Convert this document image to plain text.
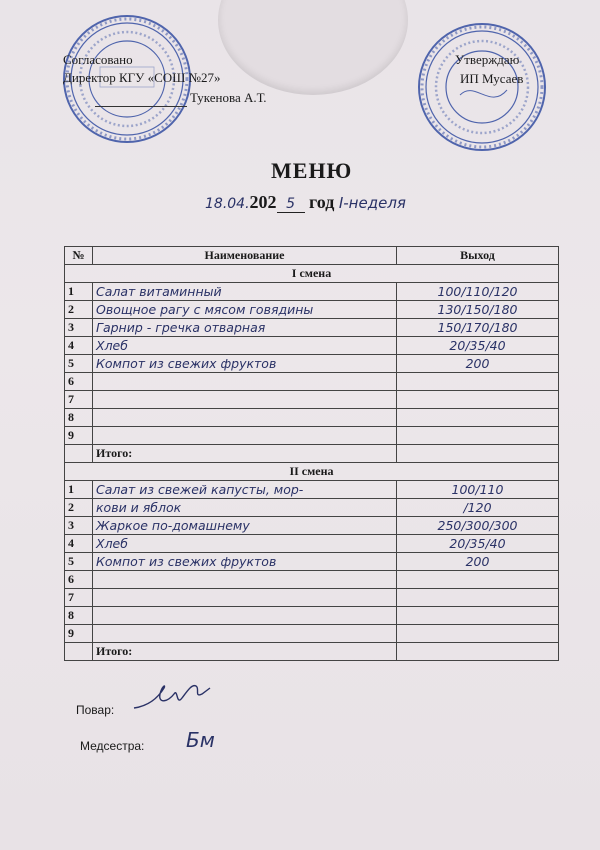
Согласовано
Директор КГУ «СОШ №27»
Тукенова А.Т.
Утверждаю
ИП Мусаев
МЕНЮ
18.04.202 5 год I-неделя
№	Наименование	Выход
I смена		
1	Салат витаминный	100/110/120
2	Овощное рагу с мясом говядины	130/150/180
3	Гарнир - гречка отварная	150/170/180
4	Хлеб	20/35/40
5	Компот из свежих фруктов	200
6		
7		
8		
9		
	Итого:	
II смена		
1	Салат из свежей капусты, мор-	100/110
2	кови и яблок	/120
3	Жаркое по-домашнему	250/300/300
4	Хлеб	20/35/40
5	Компот из свежих фруктов	200
6		
7		
8		
9		
	Итого:	
Повар:
Медсестра: Бм
